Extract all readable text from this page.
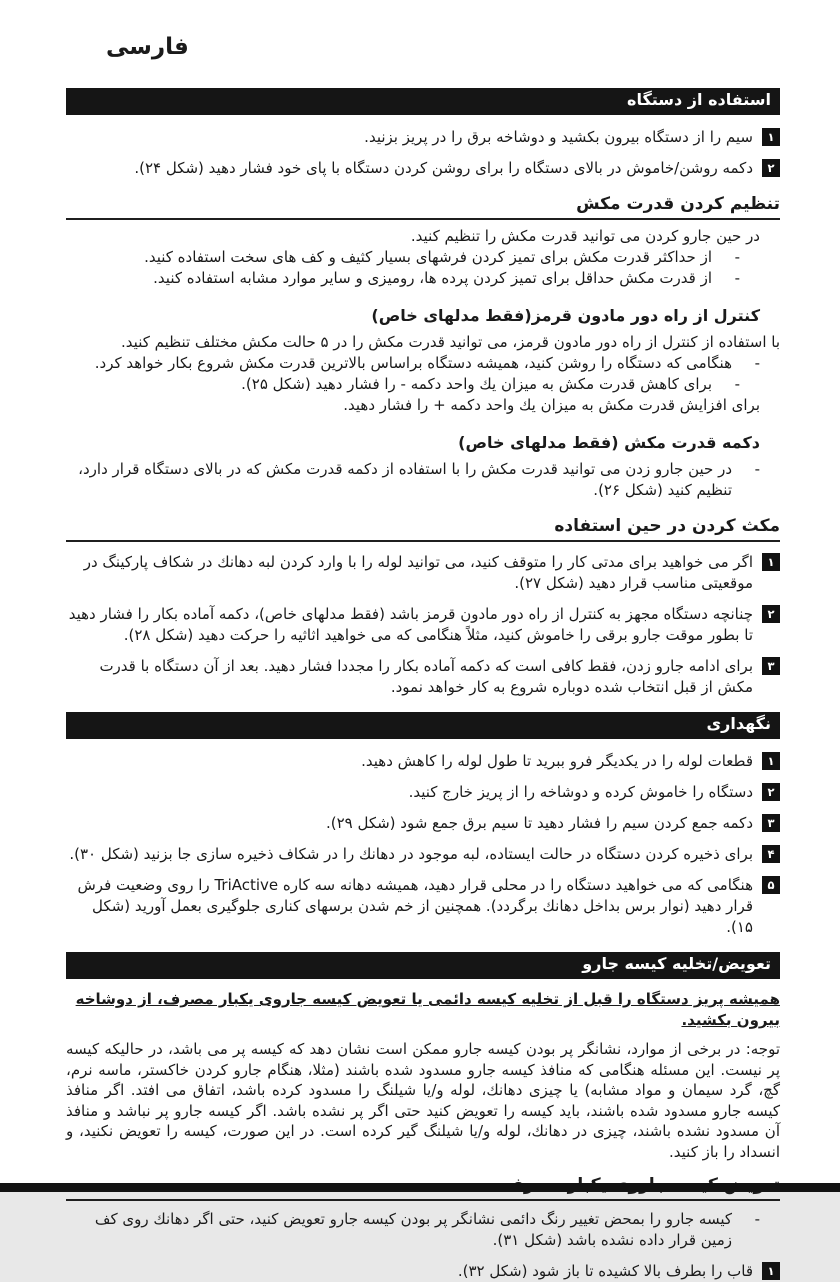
فارسی
استفاده از دستگاه
۱
سیم را از دستگاه بیرون بکشید و دوشاخه برق را در پریز بزنید.
۲
دکمه روشن/خاموش در بالای دستگاه را برای روشن کردن دستگاه با پای خود فشار دهید (شکل ۲۴).
تنظیم کردن قدرت مکش
در حین جارو کردن می توانید قدرت مکش را تنظیم کنید.
- از حداکثر قدرت مکش برای تمیز کردن فرشهای بسیار کثیف و کف های سخت استفاده کنید.
- از قدرت مکش حداقل برای تمیز کردن پرده ها، رومیزی و سایر موارد مشابه استفاده کنید.
کنترل از راه دور مادون قرمز(فقط مدلهای خاص)
با استفاده از کنترل از راه دور مادون قرمز، می توانید قدرت مکش را در ۵ حالت مکش مختلف تنظیم کنید.
- هنگامی که دستگاه را روشن کنید، همیشه دستگاه براساس بالاترین قدرت مکش شروع بکار خواهد کرد.
- برای کاهش قدرت مکش به میزان یك واحد دکمه - را فشار دهید (شکل ۲۵).
برای افزایش قدرت مکش به میزان یك واحد دکمه + را فشار دهید.
دکمه قدرت مکش (فقط مدلهای خاص)
- در حین جارو زدن می توانید قدرت مکش را با استفاده از دکمه قدرت مکش که در بالای دستگاه قرار دارد، تنظیم کنید (شکل ۲۶).
مکث کردن در حین استفاده
۱
اگر می خواهید برای مدتی کار را متوقف کنید، می توانید لوله را با وارد کردن لبه دهانك در شکاف پارکینگ در موقعیتی مناسب قرار دهید (شکل ۲۷).
۲
چنانچه دستگاه مجهز به کنترل از راه دور مادون قرمز باشد (فقط مدلهای خاص)، دکمه آماده بکار را فشار دهید تا بطور موقت جارو برقی را خاموش کنید، مثلاً هنگامی که می خواهید اثاثیه را حرکت دهید (شکل ۲۸).
۳
برای ادامه جارو زدن، فقط کافی است که دکمه آماده بکار را مجددا فشار دهید. بعد از آن دستگاه با قدرت مکش از قبل انتخاب شده دوباره شروع به کار خواهد نمود.
نگهداری
۱
قطعات لوله را در یکدیگر فرو ببرید تا طول لوله را کاهش دهید.
۲
دستگاه را خاموش کرده و دوشاخه را از پریز خارج کنید.
۳
دکمه جمع کردن سیم را فشار دهید تا سیم برق جمع شود (شکل ۲۹).
۴
برای ذخیره کردن دستگاه در حالت ایستاده، لبه موجود در دهانك را در شکاف ذخیره سازی جا بزنید (شکل ۳۰).
۵
هنگامی که می خواهید دستگاه را در محلی قرار دهید، همیشه دهانه سه کاره TriActive را روی وضعیت فرش قرار دهید (نوار برس بداخل دهانك برگردد). همچنین از خم شدن برسهای کناری جلوگیری بعمل آورید (شکل ۱۵).
تعویض/تخلیه کیسه جارو
همیشه پریز دستگاه را قبل از تخلیه کیسه دائمی یا تعویض کیسه جاروی یکبار مصرف، از دوشاخه بیرون بکشید.
توجه: در برخی از موارد، نشانگر پر بودن کیسه جارو ممکن است نشان دهد که کیسه پر می باشد، در حالیکه کیسه پر نیست. این مسئله هنگامی که منافذ کیسه جارو مسدود شده باشند (مثلا، هنگام جارو کردن خاکستر، ماسه نرم، گچ، گرد سیمان و مواد مشابه) یا چیزی دهانك، لوله و/یا شیلنگ را مسدود کرده باشد، اتفاق می افتد. اگر منافذ کیسه جارو مسدود شده باشند، باید کیسه را تعویض کنید حتی اگر پر نشده باشد. اگر کیسه جارو پر نباشد و منافذ آن مسدود نشده باشند، چیزی در دهانك، لوله و/یا شیلنگ گیر کرده است. در این صورت، کیسه را تعویض نکنید، و انسداد را باز کنید.
- کیسه جارو را بمحض تغییر رنگ دائمی نشانگر پر بودن کیسه جارو تعویض کنید، حتی اگر دهانك روی کف زمین قرار داده نشده باشد (شکل ۳۱).
۱
قاب را بطرف بالا کشیده تا باز شود (شکل ۳۲).
